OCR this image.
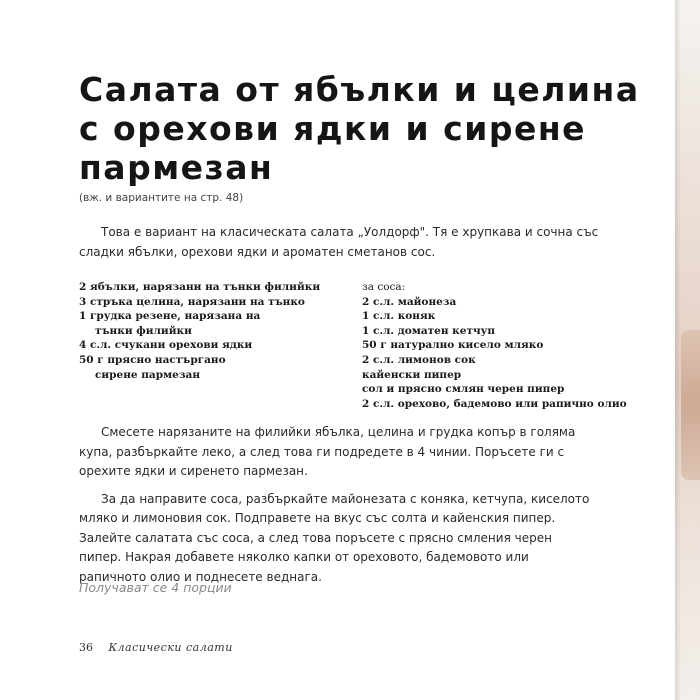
Салата от ябълки и целина
с орехови ядки и сирене
пармезан
(вж. и вариантите на стр. 48)

Това е вариант на класическата салата „Уолдорф". Тя е хрупкава и сочна със сладки ябълки, орехови ядки и ароматен сметанов сос.

2 ябълки, нарязани на тънки филийки
3 стръка целина, нарязани на тънко
1 грудка резене, нарязана на
тънки филийки
4 с.л. счукани орехови ядки
50 г прясно настъргано
сирене пармезан
за соса:
2 с.л. майонеза
1 с.л. коняк
1 с.л. доматен кетчуп
50 г натурално кисело мляко
2 с.л. лимонов сок
кайенски пипер
сол и прясно смлян черен пипер
2 с.л. орехово, бадемово или рапично олио

Смесете нарязаните на филийки ябълка, целина и грудка копър в голяма купа, разбъркайте леко, а след това ги подредете в 4 чинии. Поръсете ги с орехите ядки и сиренето пармезан.

За да направите соса, разбъркайте майонезата с коняка, кетчупа, киселото мляко и лимоновия сок. Подправете на вкус със солта и кайенския пипер. Залейте салатата със соса, а след това поръсете с прясно смления черен пипер. Накрая добавете няколко капки от ореховото, бадемовото или рапичното олио и поднесете веднага.

Получават се 4 порции
36 Класически салати
